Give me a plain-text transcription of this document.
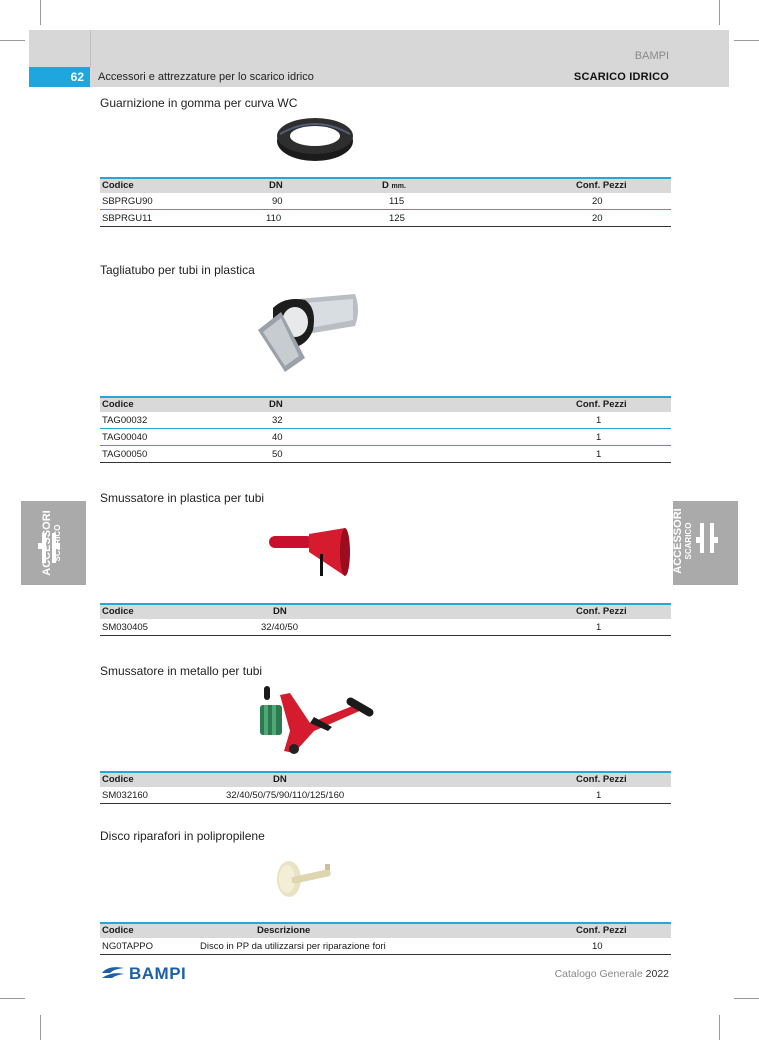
BAMPI
62	Accessori e attrezzature per lo scarico idrico	SCARICO IDRICO
Guarnizione in gomma per curva WC
Codice	DN	D mm.	Conf. Pezzi
SBPRGU90	90	115	20
SBPRGU11	110	125	20
Tagliatubo per tubi in plastica
Codice	DN	Conf. Pezzi
TAG00032	32	1
TAG00040	40	1
TAG00050	50	1
ACCESSORI SCARICO	ACCESSORI SCARICO
Smussatore in plastica per tubi
Codice	DN	Conf. Pezzi
SM030405	32/40/50	1
Smussatore in metallo per tubi
Codice	DN	Conf. Pezzi
SM032160	32/40/50/75/90/110/125/160	1
Disco riparafori in polipropilene
Codice	Descrizione	Conf. Pezzi
NG0TAPPO	Disco in PP da utilizzarsi per riparazione fori	10
BAMPI	Catalogo Generale 2022
